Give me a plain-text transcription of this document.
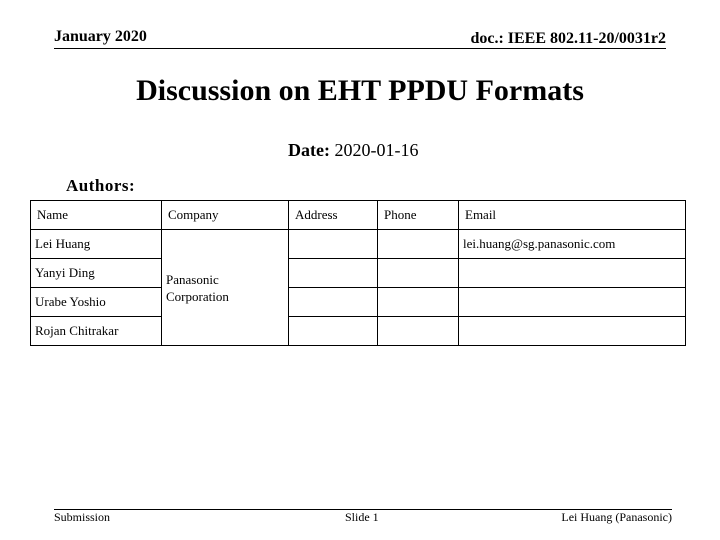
January 2020	doc.: IEEE 802.11-20/0031r2
Discussion on EHT PPDU Formats
Date: 2020-01-16
Authors:
Name	Company	Address	Phone	Email
Lei Huang	Panasonic Corporation			lei.huang@sg.panasonic.com
Yanyi Ding				
Urabe Yoshio				
Rojan Chitrakar				
Submission	Slide 1	Lei Huang (Panasonic)
